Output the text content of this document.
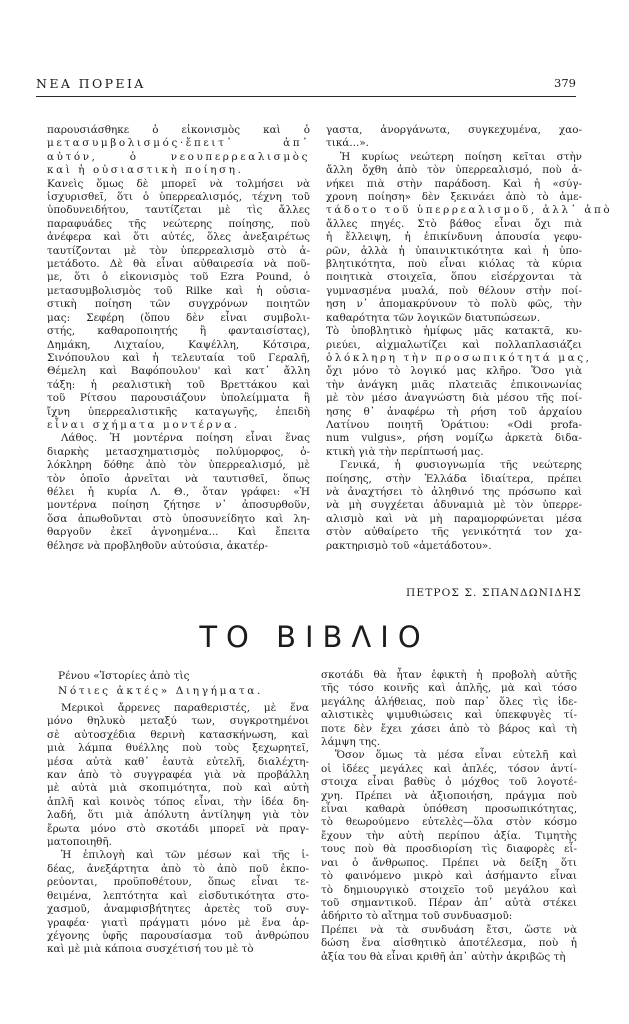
ΝΕΑ ΠΟΡΕΙΑ	379

παρουσιάσθηκε ὁ εἰκονισμὸς καὶ ὁ

μετασυμβολισμός·ἔπειτ᾽ ἀπ᾽

αὐτόν, ὁ νεουπερρεαλισμὸς

καὶ ἡ οὐσιαστικὴ ποίηση.

Κανεὶς ὅμως δὲ μπορεῖ νὰ τολμήσει νὰ

ἰσχυρισθεῖ, ὅτι ὁ ὑπερρεαλισμός, τέχνη τοῦ

ὑποδυνειδήτου, ταυτίζεται μὲ τὶς ἄλλες

παραφυάδες τῆς νεώτερης ποίησης, ποὺ

ἀνέφερα καὶ ὅτι αὐτές, ὅλες ἀνεξαιρέτως

ταυτίζονται μὲ τὸν ὑπερρεαλισμὸ στὸ ἀ-

μετάδοτο. Δὲ θὰ εἶναι αὐθαιρεσία νὰ ποῦ-

με, ὅτι ὁ εἰκονισμὸς τοῦ Ezra Pound, ὁ

μετασυμβολισμὸς τοῦ Rilke καὶ ἡ οὐσια-

στικὴ ποίηση τῶν συγχρόνων ποιητῶν

μας: Σεφέρη (ὅπου δὲν εἶναι συμβολι-

στής, καθαροποιητής ἢ φανταισίστας),

Δημάκη, Λιχταίου, Καψέλλη, Κότσιρα,

Σινόπουλου καὶ ἡ τελευταία τοῦ Γεραλῆ,

Θέμελη καὶ Βαφόπουλου' καὶ κατ᾽ ἄλλη

τάξη: ἡ ρεαλιστικὴ τοῦ Βρεττάκου καὶ

τοῦ Ρίτσου παρουσιάζουν ὑπολείμματα ἢ

ἴχνη ὑπερρεαλιστικῆς καταγωγῆς, ἐπειδὴ

εἶναι σχήματα μοντέρνα.

Λάθος. Ἡ μοντέρνα ποίηση εἶναι ἕνας

διαρκὴς μετασχηματισμὸς πολύμορφος, ὁ-

λόκληρη δόθηε ἀπὸ τὸν ὑπερρεαλισμό, μὲ

τὸν ὁποῖο ἀρνεῖται νὰ ταυτισθεῖ, ὅπως

θέλει ἡ κυρία Λ. Θ., ὅταν γράφει: «Ἡ

μοντέρνα ποίηση ζήτησε ν᾽ ἀποσυρθοῦν,

ὅσα ἀπωθοῦνται στὸ ὑποσυνείδητο καὶ λη-

θαργοῦν ἐκεῖ ἀγνοημένα... Καὶ ἔπειτα

θέλησε νὰ προβληθοῦν αὐτούσια, ἀκατέρ-

γαστα, ἀνοργάνωτα, συγκεχυμένα, χαο-

τικά...».

Ἡ κυρίως νεώτερη ποίηση κεῖται στὴν

ἄλλη ὄχθη ἀπὸ τὸν ὑπερρεαλισμό, ποὺ ἀ-

νήκει πιὰ στὴν παράδοση. Καὶ ἡ «σύγ-

χρονη ποίηση» δὲν ξεκινάει ἀπὸ τὸ ἀμε-

τάδοτο τοῦ ὑπερρεαλισμοῦ, ἀλλ᾽ ἀπὸ

ἄλλες πηγές. Στὸ βάθος εἶναι ὄχι πιὰ

ἡ ἔλλειψη, ἡ ἐπικίνδυνη ἀπουσία γεφυ-

ρῶν, ἀλλὰ ἡ ὑπαινικτικότητα καὶ ἡ ὑπο-

βλητικότητα, ποὺ εἶναι κιόλας τὰ κύρια

ποιητικὰ στοιχεῖα, ὅπου εἰσέρχονται τὰ

γυμνασμένα μυαλά, ποὺ θέλουν στὴν ποί-

ηση ν᾽ ἀπομακρύνουν τὸ πολὺ φῶς, τὴν

καθαρότητα τῶν λογικῶν διατυπώσεων.

Τὸ ὑποβλητικὸ ἡμίφως μᾶς κατακτᾶ, κυ-

ριεύει, αἰχμαλωτίζει καὶ πολλαπλασιάζει

ὁλόκληρη τὴν προσωπικότητά μας,

ὄχι μόνο τὸ λογικό μας κλῆρο. Ὅσο γιὰ

τὴν ἀνάγκη μιᾶς πλατειᾶς ἐπικοινωνίας

μὲ τὸν μέσο ἀναγνώστη διὰ μέσου τῆς ποί-

ησης θ᾽ ἀναφέρω τὴ ρήση τοῦ ἀρχαίου

Λατίνου ποιητῆ Ὁράτιου: «Odi profa-

num vulgus», ρήση νομίζω ἀρκετὰ διδα-

κτικὴ γιὰ τὴν περίπτωσή μας.

Γενικά, ἡ φυσιογνωμία τῆς νεώτερης

ποίησης, στὴν Ἑλλάδα ἰδιαίτερα, πρέπει

νὰ ἀναχτήσει τὸ ἀληθινό της πρόσωπο καὶ

νὰ μὴ συγχέεται ἀδυναμιὰ μὲ τὸν ὑπερρε-

αλισμὸ καὶ νὰ μὴ παραμορφώνεται μέσα

στὸν αὐθαίρετο τῆς γενικότητά τον χα-

ρακτηρισμὸ τοῦ «ἀμετάδοτου».

ΠΕΤΡΟΣ Σ. ΣΠΑΝΔΩΝΙΔΗΣ
ΤΟ ΒΙΒΛΙΟ

Ρένου «Ἱστορίες ἀπὸ τὶς

Νότιες ἀκτές» Διηγήματα.

Μερικοὶ ἄρρενες παραθεριστές, μὲ ἕνα

μόνο θηλυκὸ μεταξύ των, συγκροτημένοι

σὲ αὐτοσχέδια θερινὴ κατασκήνωση, καὶ

μιὰ λάμπα θυέλλης ποὺ τοὺς ξεχωρητεῖ,

μέσα αὐτὰ καθ᾽ ἑαυτὰ εὐτελῆ, διαλέχτη-

καν ἀπὸ τὸ συγγραφέα γιὰ νὰ προβάλλη

μὲ αὐτὰ μιὰ σκοπιμότητα, ποὺ καὶ αὐτὴ

ἁπλῆ καὶ κοινὸς τόπος εἶναι, τὴν ἰδέα δη-

λαδή, ὅτι μιὰ ἀπόλυτη ἀντίληψη γιὰ τὸν

ἔρωτα μόνο στὸ σκοτάδι μπορεῖ νὰ πραγ-

ματοποιηθῆ.

Ἡ ἐπιλογὴ καὶ τῶν μέσων καὶ τῆς ἰ-

δέας, ἀνεξάρτητα ἀπὸ τὸ ἀπὸ ποῦ ἐκπο-

ρεύονται, προϋποθέτουν, ὅπως εἶναι τε-

θειμένα, λεπτότητα καὶ εἰσδυτικότητα στο-

χασμοῦ, ἀναμφισβήτητες ἀρετὲς τοῦ συγ-

γραφέα· γιατὶ πράγματι μόνο μὲ ἕνα ἀρ-

χέγονης ὑφῆς παρουσίασμα τοῦ ἀνθρώπου

καὶ μὲ μιὰ κάποια συσχέτισή του μὲ τὸ

σκοτάδι θὰ ἦταν ἐφικτὴ ἡ προβολὴ αὐτῆς

τῆς τόσο κοινῆς καὶ ἁπλῆς, μὰ καὶ τόσο

μεγάλης ἀλήθειας, ποὺ παρ᾽ ὅλες τὶς ἰδε-

αλιστικὲς ψιμυθιώσεις καὶ ὑπεκφυγὲς τί-

ποτε δὲν ἔχει χάσει ἀπὸ τὸ βάρος καὶ τὴ

λάμψη της.

Ὅσον ὅμως τὰ μέσα εἶναι εὐτελῆ καὶ

οἱ ἰδέες μεγάλες καὶ ἁπλές, τόσον ἀντί-

στοιχα εἶναι βαθὺς ὁ μόχθος τοῦ λογοτέ-

χνη. Πρέπει νὰ ἀξιοποιήση, πράγμα ποὺ

εἶναι καθαρὰ ὑπόθεση προσωπικότητας,

τὸ θεωρούμενο εὐτελὲς—ὅλα στὸν κόσμο

ἔχουν τὴν αὐτὴ περίπου ἀξία. Τιμητὴς

τους ποὺ θὰ προσδιορίση τὶς διαφορὲς εἶ-

ναι ὁ ἄνθρωπος. Πρέπει νὰ δείξη ὅτι

τὸ φαινόμενο μικρὸ καὶ ἀσήμαντο εἶναι

τὸ δημιουργικὸ στοιχεῖο τοῦ μεγάλου καὶ

τοῦ σημαντικοῦ. Πέραν ἀπ᾽ αὐτὰ στέκει

ἀδήριτο τὸ αἴτημα τοῦ συνδυασμοῦ:

Πρέπει νὰ τὰ συνδυάση ἔτσι, ὥστε νὰ

δώση ἕνα αἰσθητικὸ ἀποτέλεσμα, ποὺ ἡ

ἀξία του θὰ εἶναι κριθῆ ἀπ᾽ αὐτὴν ἀκριβῶς τὴ
